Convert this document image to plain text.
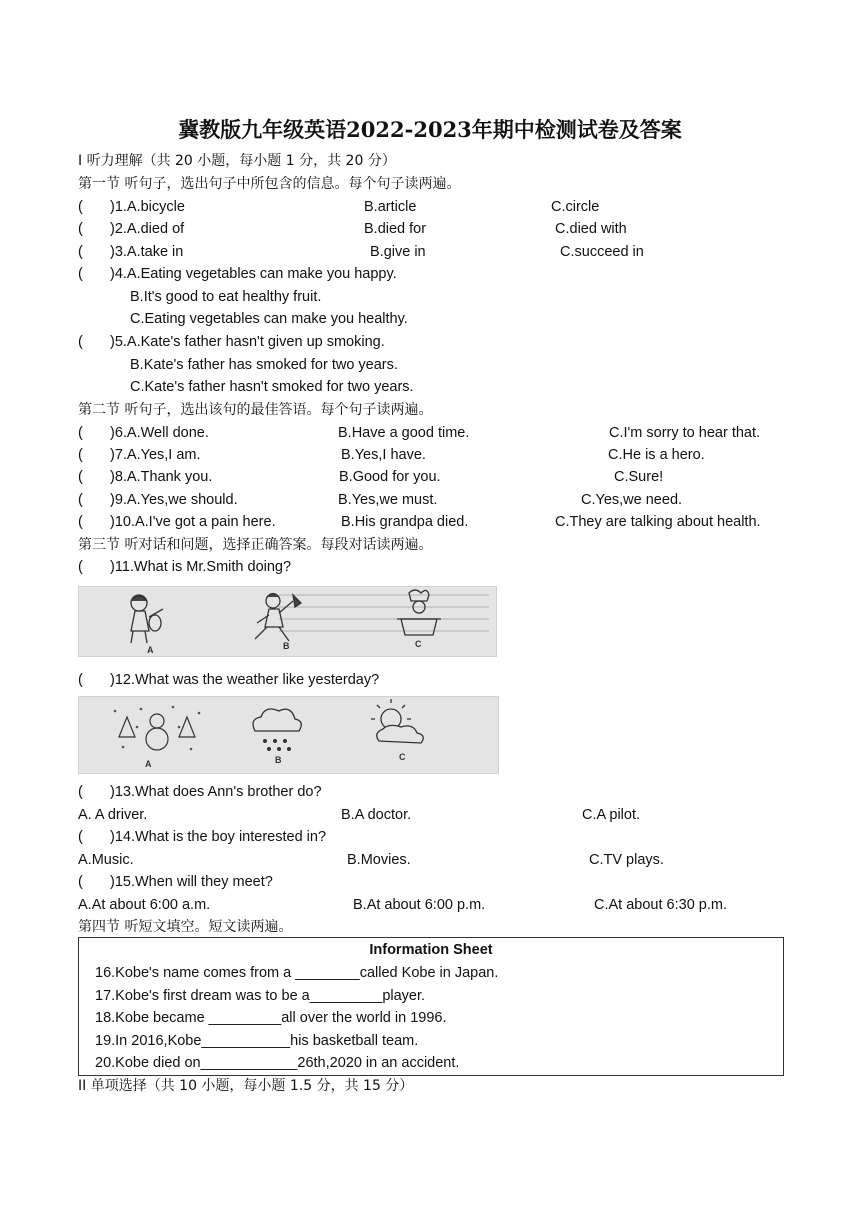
冀教版九年级英语2022-2023年期中检测试卷及答案
I 听力理解（共 20 小题，每小题 1 分，共 20 分）
第一节 听句子，选出句子中所包含的信息。每个句子读两遍。
( )1.A.bicycle	B.article	C.circle
( )2.A.died of	B.died for	C.died with
( )3.A.take in	B.give in	C.succeed in
( )4.A.Eating vegetables can make you happy.
B.It's good to eat healthy fruit.
C.Eating vegetables can make you healthy.
( )5.A.Kate's father hasn't given up smoking.
B.Kate's father has smoked for two years.
C.Kate's father hasn't smoked for two years.
第二节 听句子，选出该句的最佳答语。每个句子读两遍。
( )6.A.Well done.	B.Have a good time.	C.I'm sorry to hear that.
( )7.A.Yes,I am.	B.Yes,I have.	C.He is a hero.
( )8.A.Thank you.	B.Good for you.	C.Sure!
( )9.A.Yes,we should.	B.Yes,we must.	C.Yes,we need.
( )10.A.I've got a pain here.	B.His grandpa died.	C.They are talking about health.
第三节 听对话和问题，选择正确答案。每段对话读两遍。
( )11.What is Mr.Smith doing?
A	B	C
( )12.What was the weather like yesterday?
A	B	C
( )13.What does Ann's brother do?
A. A driver.	B.A doctor.	C.A pilot.
( )14.What is the boy interested in?
A.Music.	B.Movies.	C.TV plays.
( )15.When will they meet?
A.At about 6:00 a.m.	B.At about 6:00 p.m.	C.At about 6:30 p.m.
第四节 听短文填空。短文读两遍。
Information Sheet
16.Kobe's name comes from a ________called Kobe in Japan.
17.Kobe's first dream was to be a_________player.
18.Kobe became _________all over the world in 1996.
19.In 2016,Kobe___________his basketball team.
20.Kobe died on____________26th,2020 in an accident.
II 单项选择（共 10 小题，每小题 1.5 分，共 15 分）
